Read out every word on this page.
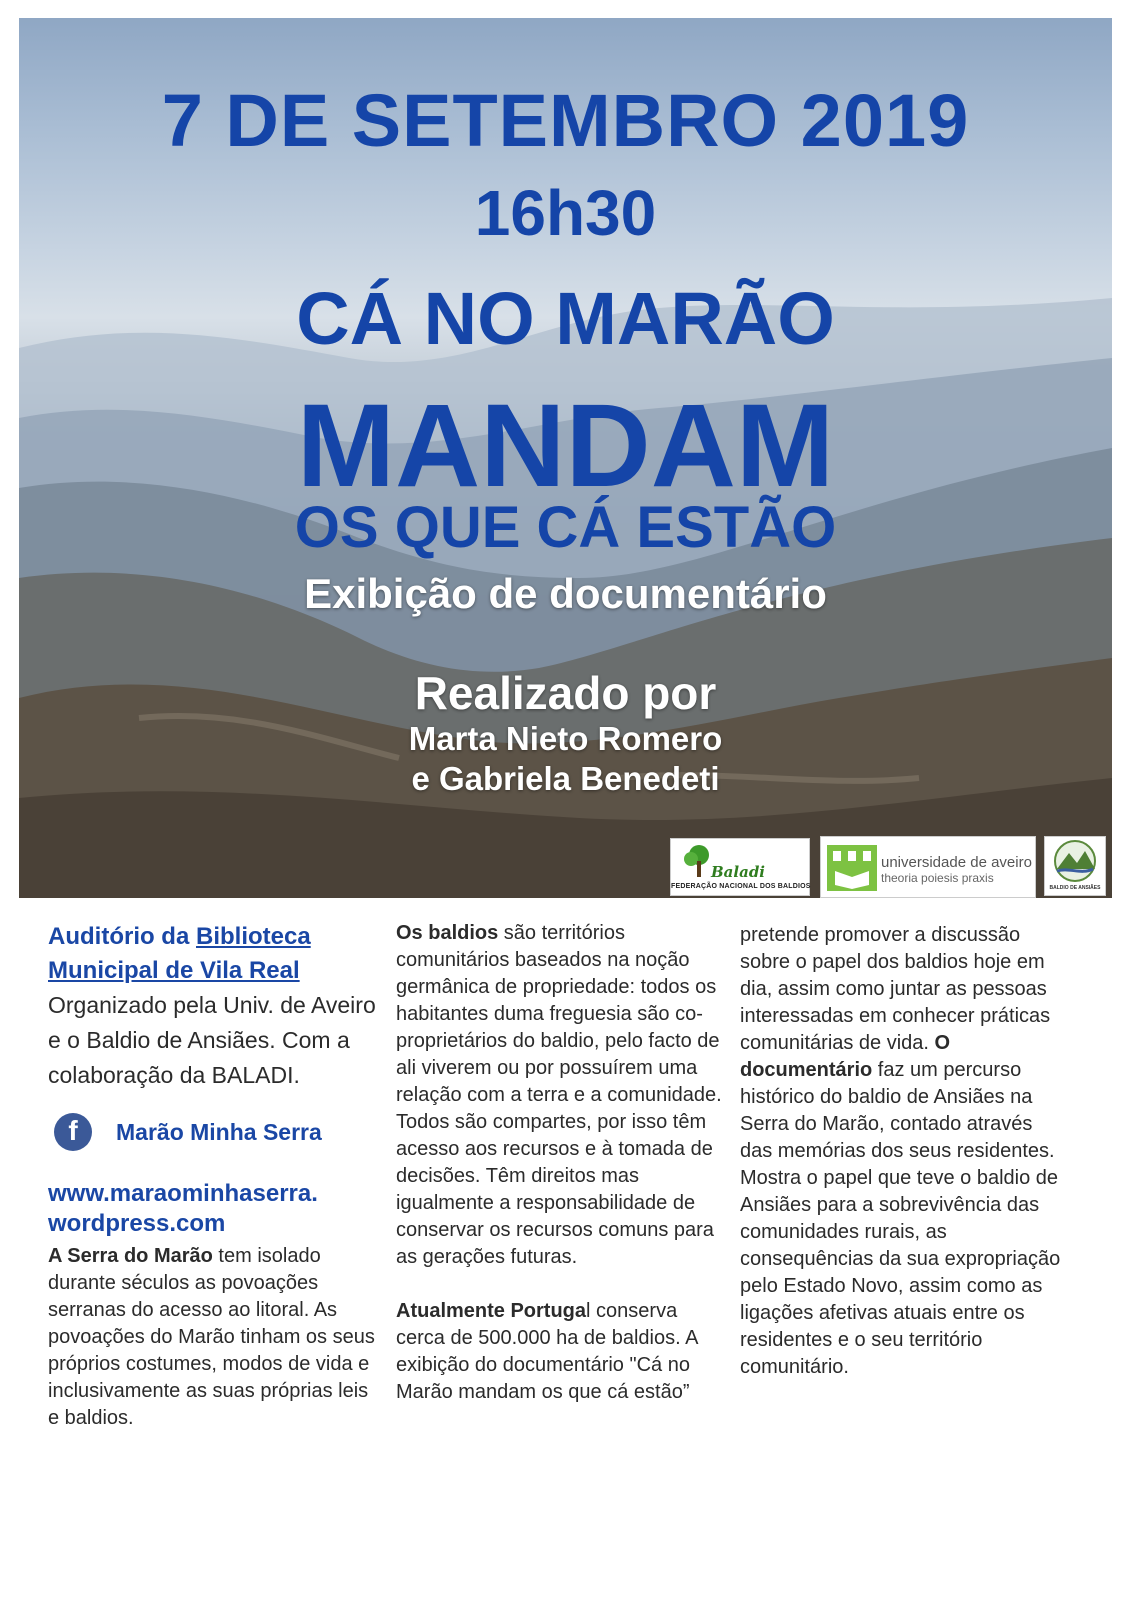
7 DE SETEMBRO 2019
16h30
CÁ NO MARÃO
MANDAM
OS QUE CÁ ESTÃO
Exibição de documentário
Realizado por
Marta Nieto Romero
e Gabriela Benedeti
Baladi
FEDERAÇÃO NACIONAL DOS BALDIOS
universidade de aveiro
theoria poiesis praxis
BALDIO DE ANSIÃES
Auditório da Biblioteca
Municipal de Vila Real
Organizado pela Univ. de Aveiro e o Baldio de Ansiães. Com a colaboração da BALADI.
f	Marão Minha Serra
www.maraominhaserra.
wordpress.com
A Serra do Marão tem isolado durante séculos as povoações serranas do acesso ao litoral. As povoações do Marão tinham os seus próprios costumes, modos de vida e inclusivamente as suas próprias leis e baldios.
Os baldios são territórios comunitários baseados na noção germânica de propriedade: todos os habitantes duma freguesia são co-proprietários do baldio, pelo facto de ali viverem ou por possuírem uma relação com a terra e a comunidade. Todos são compartes, por isso têm acesso aos recursos e à tomada de decisões. Têm direitos mas igualmente a responsabilidade de conservar os recursos comuns para as gerações futuras.
Atualmente Portugal conserva cerca de 500.000 ha de baldios. A exibição do documentário "Cá no Marão mandam os que cá estão”
pretende promover a discussão sobre o papel dos baldios hoje em dia, assim como juntar as pessoas interessadas em conhecer práticas comunitárias de vida. O documentário faz um percurso histórico do baldio de Ansiães na Serra do Marão, contado através das memórias dos seus residentes. Mostra o papel que teve o baldio de Ansiães para a sobrevivência das comunidades rurais, as consequências da sua expropriação pelo Estado Novo, assim como as ligações afetivas atuais entre os residentes e o seu território comunitário.
